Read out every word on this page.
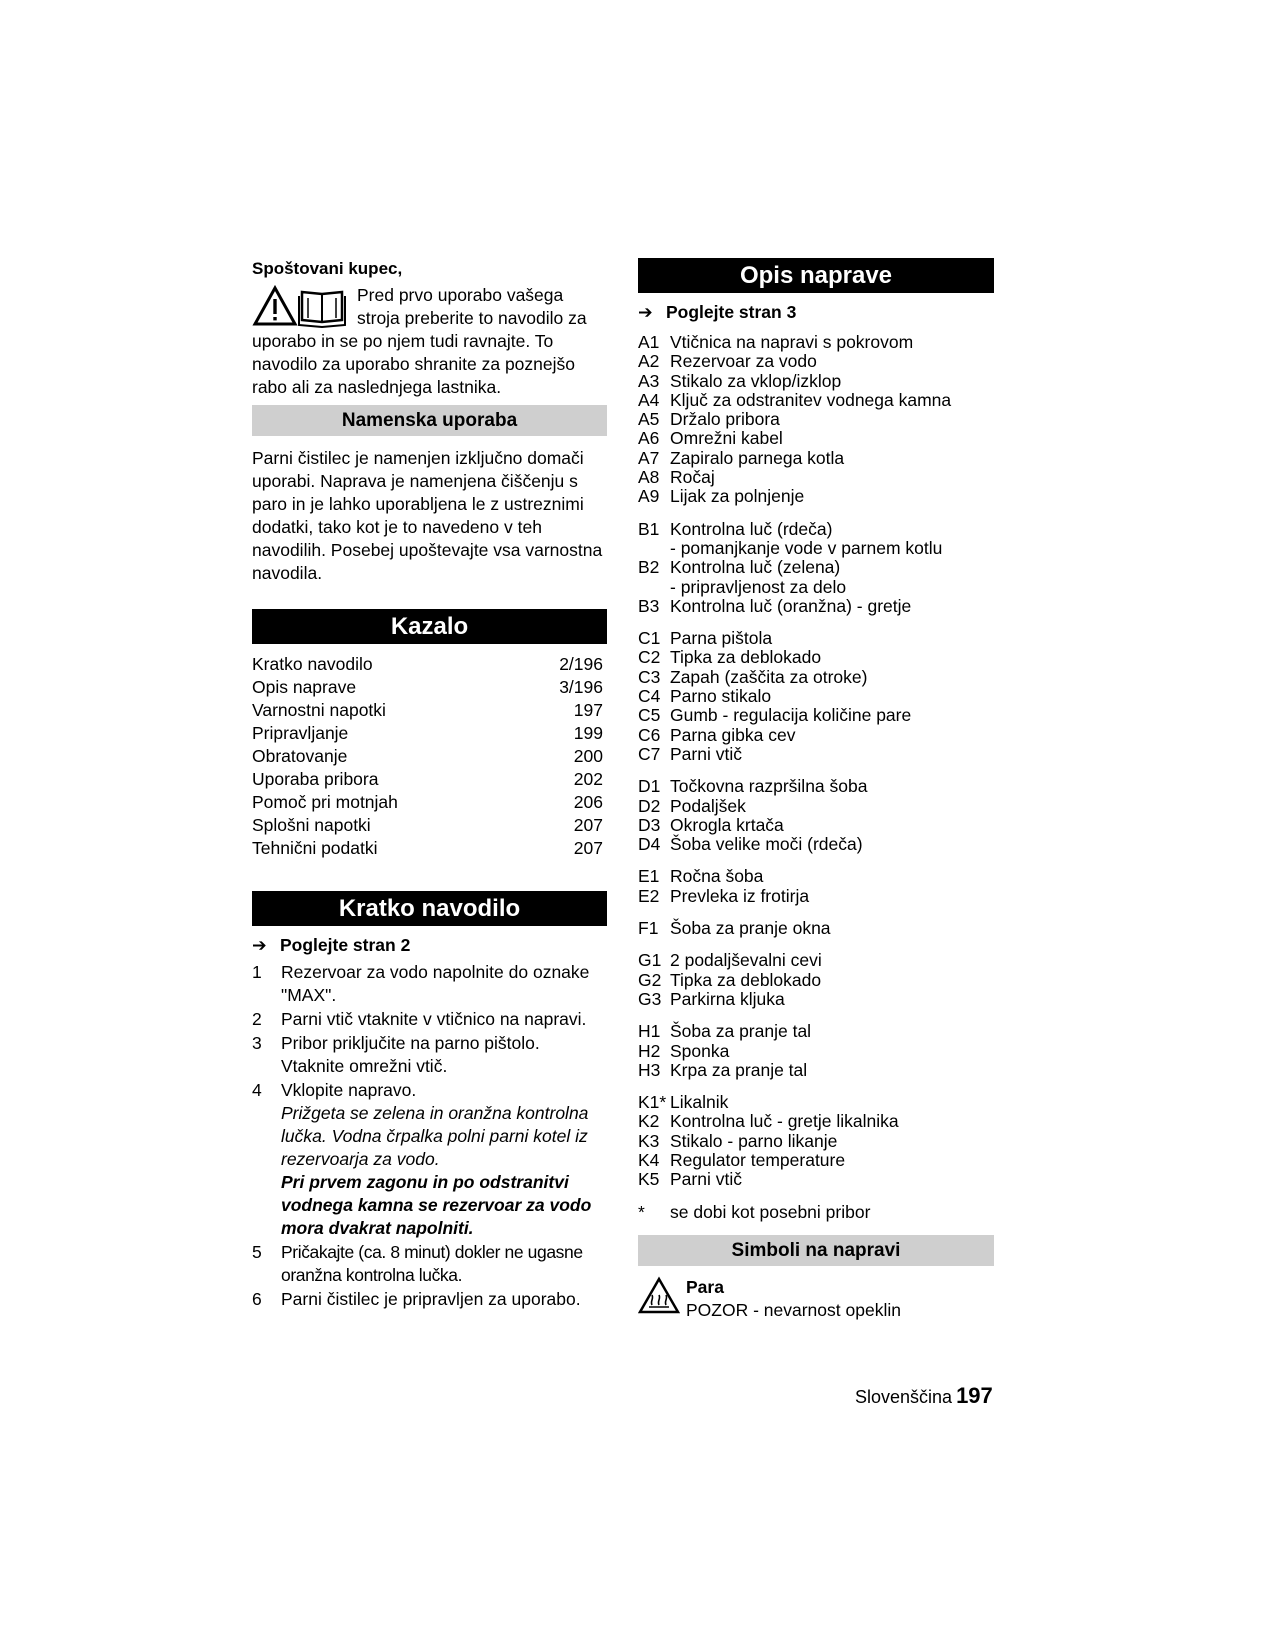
Spoštovani kupec,
Pred prvo uporabo vašega stroja preberite to navodilo za uporabo in se po njem tudi ravnajte. To navodilo za uporabo shranite za poznejšo rabo ali za naslednjega lastnika.
Namenska uporaba
Parni čistilec je namenjen izključno domači uporabi. Naprava je namenjena čiščenju s paro in je lahko uporabljena le z ustreznimi dodatki, tako kot je to navedeno v teh navodilih. Posebej upoštevajte vsa varnostna navodila.
Kazalo
Kratko navodilo	2/196
Opis naprave	3/196
Varnostni napotki	197
Pripravljanje	199
Obratovanje	200
Uporaba pribora	202
Pomoč pri motnjah	206
Splošni napotki	207
Tehnični podatki	207
Kratko navodilo
➔ Poglejte stran 2
1	Rezervoar za vodo napolnite do oznake "MAX".
2	Parni vtič vtaknite v vtičnico na napravi.
3	Pribor priključite na parno pištolo. Vtaknite omrežni vtič.
4	Vklopite napravo.
Prižgeta se zelena in oranžna kontrolna lučka. Vodna črpalka polni parni kotel iz rezervoarja za vodo.
Pri prvem zagonu in po odstranitvi vodnega kamna se rezervoar za vodo mora dvakrat napolniti.
5	Pričakajte (ca. 8 minut) dokler ne ugasne oranžna kontrolna lučka.
6	Parni čistilec je pripravljen za uporabo.
Opis naprave
➔ Poglejte stran 3
A1 Vtičnica na napravi s pokrovom
A2 Rezervoar za vodo
A3 Stikalo za vklop/izklop
A4 Ključ za odstranitev vodnega kamna
A5 Držalo pribora
A6 Omrežni kabel
A7 Zapiralo parnega kotla
A8 Ročaj
A9 Lijak za polnjenje
B1 Kontrolna luč (rdeča)
- pomanjkanje vode v parnem kotlu
B2 Kontrolna luč (zelena)
- pripravljenost za delo
B3 Kontrolna luč (oranžna) - gretje
C1 Parna pištola
C2 Tipka za deblokado
C3 Zapah (zaščita za otroke)
C4 Parno stikalo
C5 Gumb - regulacija količine pare
C6 Parna gibka cev
C7 Parni vtič
D1 Točkovna razpršilna šoba
D2 Podaljšek
D3 Okrogla krtača
D4 Šoba velike moči (rdeča)
E1 Ročna šoba
E2 Prevleka iz frotirja
F1 Šoba za pranje okna
G1 2 podaljševalni cevi
G2 Tipka za deblokado
G3 Parkirna kljuka
H1 Šoba za pranje tal
H2 Sponka
H3 Krpa za pranje tal
K1* Likalnik
K2 Kontrolna luč - gretje likalnika
K3 Stikalo - parno likanje
K4 Regulator temperature
K5 Parni vtič
*	se dobi kot posebni pribor
Simboli na napravi
Para
POZOR - nevarnost opeklin
Slovenščina 197
